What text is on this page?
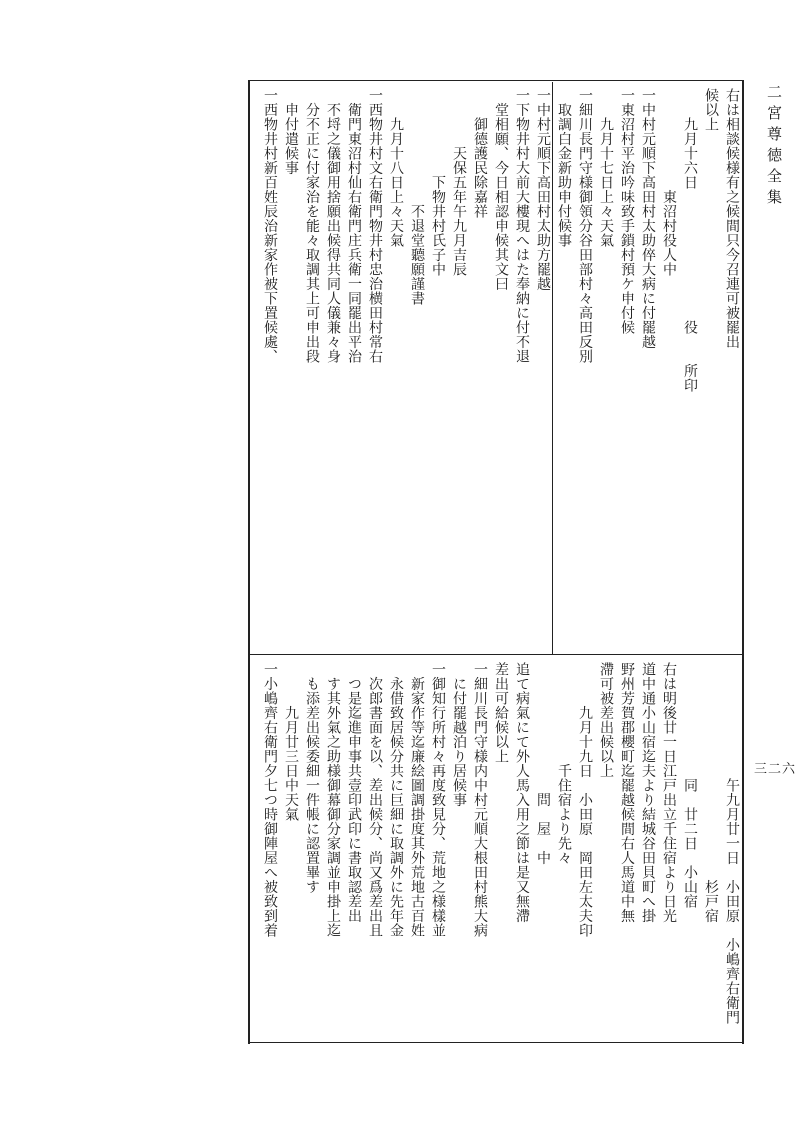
二宮尊徳全集
三二六
右は相談候様有之候間只今召連可被罷出
候以上
　　九月十六日　　　　　　　　　役　　所印
　　　　　　　東沼村役人中
一中村元順下高田村太助倅大病に付罷越
一東沼村平治吟味致手鎖村預ケ申付候
　　九月十七日上々天氣
一細川長門守様御領分谷田部村々高田反別
　取調白金新助申付候事
一中村元順下高田村太助方罷越
一下物井村大前大樓現へはた奉納に付不退
　堂相願、今日相認申候其文曰
　　御德護民除嘉祥
　　　　天保五年午九月吉辰
　　　　　　下物井村氏子中
　　　　　　　　不退堂聽願謹書
　　九月十八日上々天氣
一西物井村文右衛門物井村忠治横田村常右
　衛門東沼村仙右衛門庄兵衛一同罷出平治
　不埒之儀御用捨願出候得共同人儀兼々身
　分不正に付家治を能々取調其上可申出段
　申付遣候事
一西物井村新百姓辰治新家作被下置候處、
　　　　　　　　午九月廿一日　小田原　小嶋齊右衛門
　　　　　　　　　　　　　　　杉戸宿
　　　　　　　　同　廿二日　小山宿
右は明後廿一日江戸出立千住宿より日光
道中通小山宿迄夫より結城谷田貝町へ掛
野州芳賀郡櫻町迄罷越候間右人馬道中無
滯可被差出候以上
　　　九月十九日　小田原　岡田左太夫印
　　　　　　　千住宿より先々
　　　　　　　　　問　屋　中
追て病氣にて外人馬入用之節は是又無滯
差出可給候以上
一細川長門守様内中村元順大根田村熊大病
　に付罷越泊り居候事
一御知行所村々再度致見分、荒地之様樣並
　新家作等迄廉絵圖調掛度其外荒地古百姓
　永借致居候分共に巨細に取調外に先年金
　次郎書面を以、差出候分、尚又爲差出且
　つ是迄進申事共壹印武印に書取認差出
　す其外氣之助様御幕御分家調並申掛上迄
　も添差出候委細一件帳に認置畢す
　　　九月廿三日中天氣
一小嶋齊右衛門夕七つ時御陣屋へ被致到着
